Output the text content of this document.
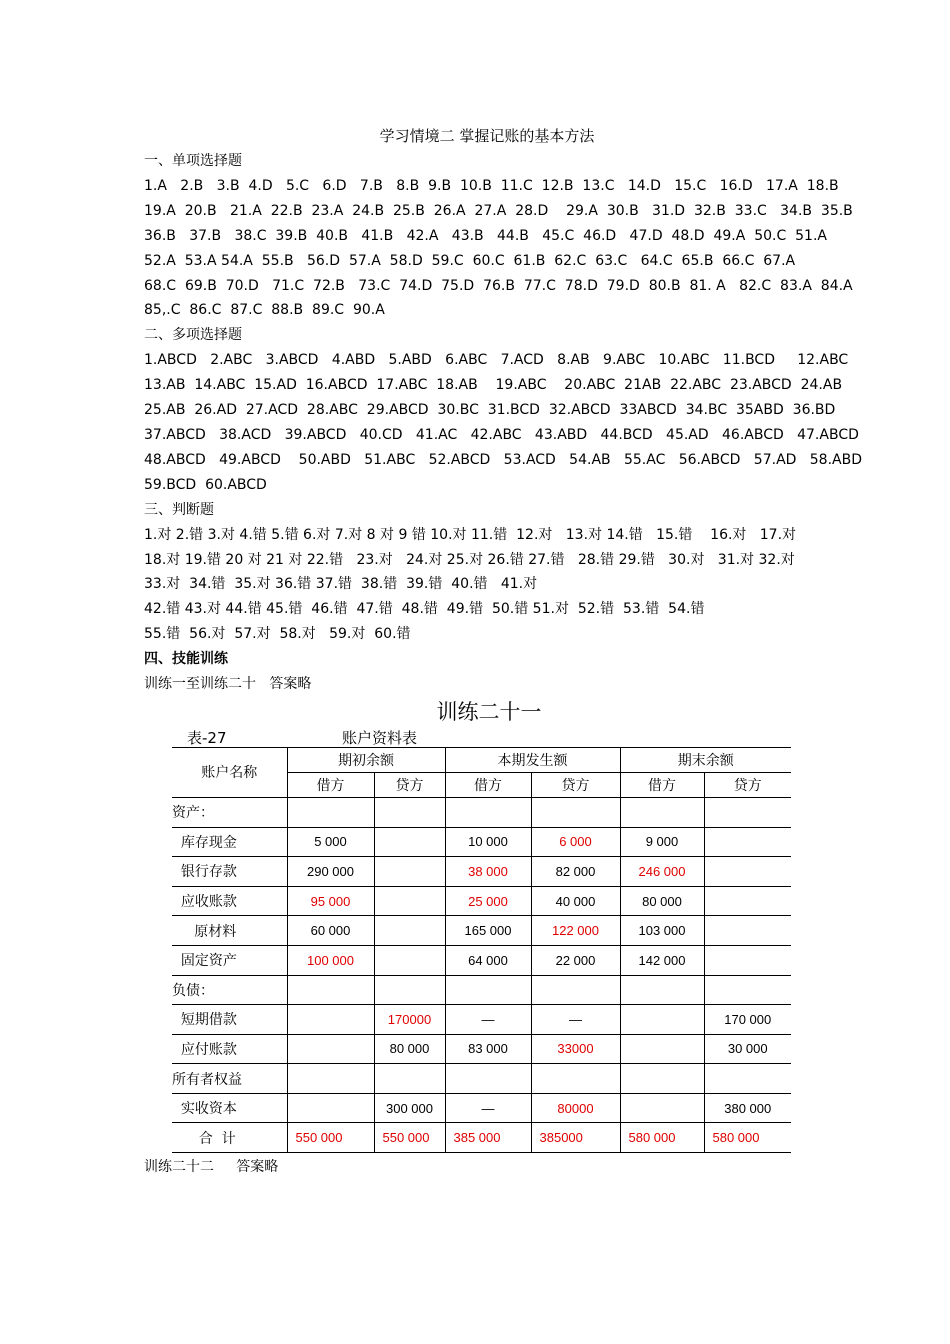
学习情境二 掌握记账的基本方法
一、单项选择题
1.A   2.B   3.B  4.D   5.C   6.D   7.B   8.B  9.B  10.B  11.C  12.B  13.C   14.D   15.C   16.D   17.A  18.B
19.A  20.B   21.A  22.B  23.A  24.B  25.B  26.A  27.A  28.D    29.A  30.B   31.D  32.B  33.C   34.B  35.B
36.B   37.B   38.C  39.B  40.B   41.B   42.A   43.B   44.B   45.C  46.D   47.D  48.D  49.A  50.C  51.A
52.A  53.A 54.A  55.B   56.D  57.A  58.D  59.C  60.C  61.B  62.C  63.C   64.C  65.B  66.C  67.A
68.C  69.B  70.D   71.C  72.B   73.C  74.D  75.D  76.B  77.C  78.D  79.D  80.B  81. A   82.C  83.A  84.A
85,.C  86.C  87.C  88.B  89.C  90.A
二、多项选择题
1.ABCD   2.ABC   3.ABCD   4.ABD   5.ABD   6.ABC   7.ACD   8.AB   9.ABC   10.ABC   11.BCD     12.ABC
13.AB  14.ABC  15.AD  16.ABCD  17.ABC  18.AB    19.ABC    20.ABC  21AB  22.ABC  23.ABCD  24.AB
25.AB  26.AD  27.ACD  28.ABC  29.ABCD  30.BC  31.BCD  32.ABCD  33ABCD  34.BC  35ABD  36.BD
37.ABCD   38.ACD   39.ABCD   40.CD   41.AC   42.ABC   43.ABD   44.BCD   45.AD   46.ABCD   47.ABCD
48.ABCD   49.ABCD    50.ABD   51.ABC   52.ABCD   53.ACD   54.AB   55.AC   56.ABCD   57.AD   58.ABD
59.BCD  60.ABCD
三、判断题
1.对 2.错 3.对 4.错 5.错 6.对 7.对 8 对 9 错 10.对 11.错  12.对   13.对 14.错   15.错    16.对   17.对
18.对 19.错 20 对 21 对 22.错   23.对   24.对 25.对 26.错 27.错   28.错 29.错   30.对   31.对 32.对
33.对  34.错  35.对 36.错 37.错  38.错  39.错  40.错   41.对
42.错 43.对 44.错 45.错  46.错  47.错  48.错  49.错  50.错 51.对  52.错  53.错  54.错
55.错  56.对  57.对  58.对   59.对  60.错
四、技能训练
训练一至训练二十   答案略
训练二十一
表-27	账户资料表
账户名称	期初余额		本期发生额		期末余额	
	借方	贷方	借方	贷方	借方	贷方
资产：						
库存现金	5 000		10 000	6 000	9 000	
银行存款	290 000		38 000	82 000	246 000	
应收账款	95 000		25 000	40 000	80 000	
原材料	60 000		165 000	122 000	103 000	
固定资产	100 000		64 000	22 000	142 000	
负债：						
短期借款		170000	—	—		170 000
应付账款		80 000	83 000	33000		30 000
所有者权益						
实收资本		300 000	—	80000		380 000
合  计	550 000	550 000	385 000	385000	580 000	580 000
训练二十二     答案略
